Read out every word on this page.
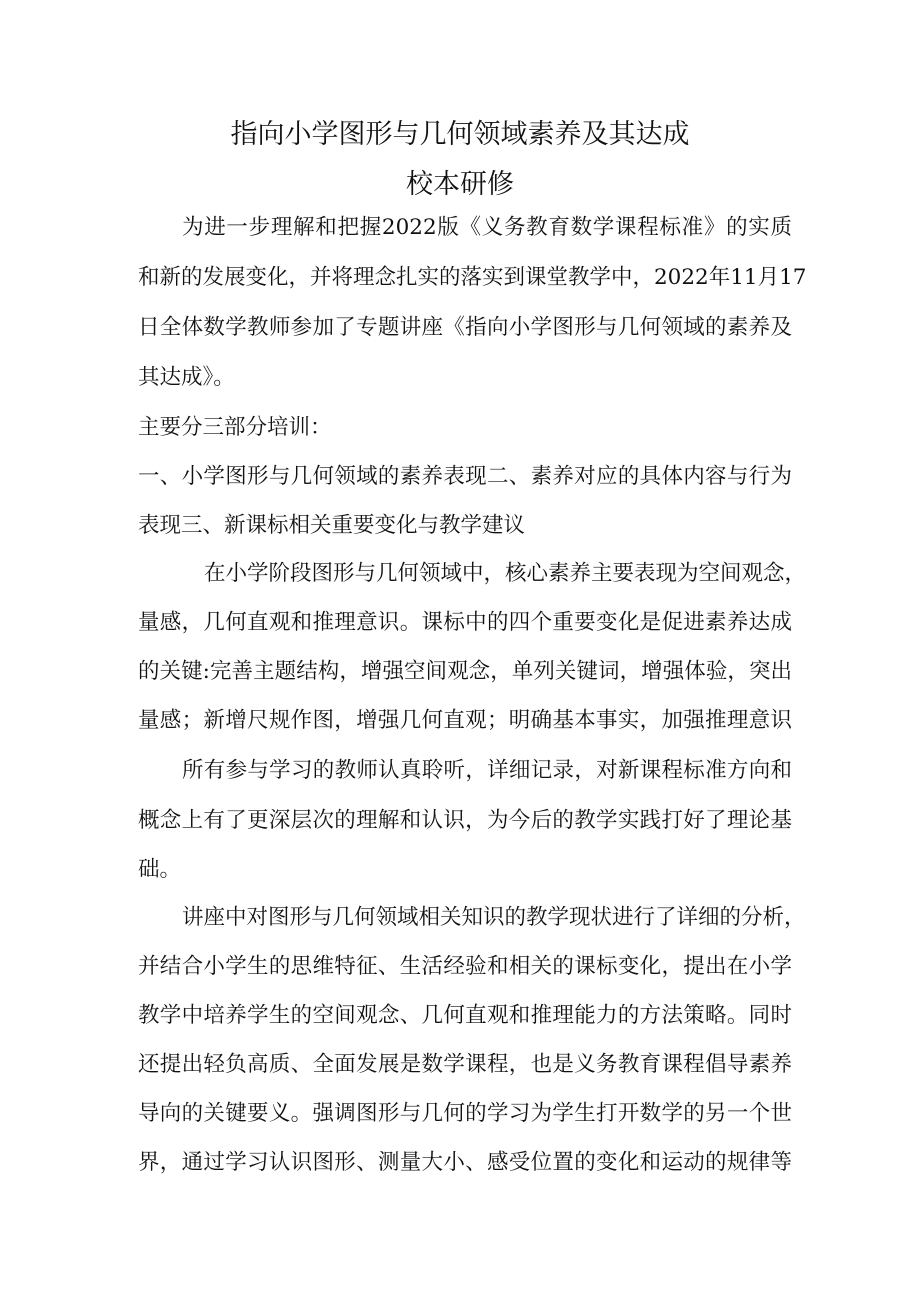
指向小学图形与几何领域素养及其达成
校本研修
为进一步理解和把握2022版《义务教育数学课程标准》的实质
和新的发展变化，并将理念扎实的落实到课堂教学中，2022年11月17
日全体数学教师参加了专题讲座《指向小学图形与几何领域的素养及
其达成》。
主要分三部分培训：
一、小学图形与几何领域的素养表现二、素养对应的具体内容与行为
表现三、新课标相关重要变化与教学建议
在小学阶段图形与几何领域中，核心素养主要表现为空间观念，
量感，几何直观和推理意识。课标中的四个重要变化是促进素养达成
的关键:完善主题结构，增强空间观念，单列关键词，增强体验，突出
量感；新增尺规作图，增强几何直观；明确基本事实，加强推理意识
所有参与学习的教师认真聆听，详细记录，对新课程标准方向和
概念上有了更深层次的理解和认识，为今后的教学实践打好了理论基
础。
讲座中对图形与几何领域相关知识的教学现状进行了详细的分析，
并结合小学生的思维特征、生活经验和相关的课标变化，提出在小学
教学中培养学生的空间观念、几何直观和推理能力的方法策略。同时
还提出轻负高质、全面发展是数学课程，也是义务教育课程倡导素养
导向的关键要义。强调图形与几何的学习为学生打开数学的另一个世
界，通过学习认识图形、测量大小、感受位置的变化和运动的规律等
